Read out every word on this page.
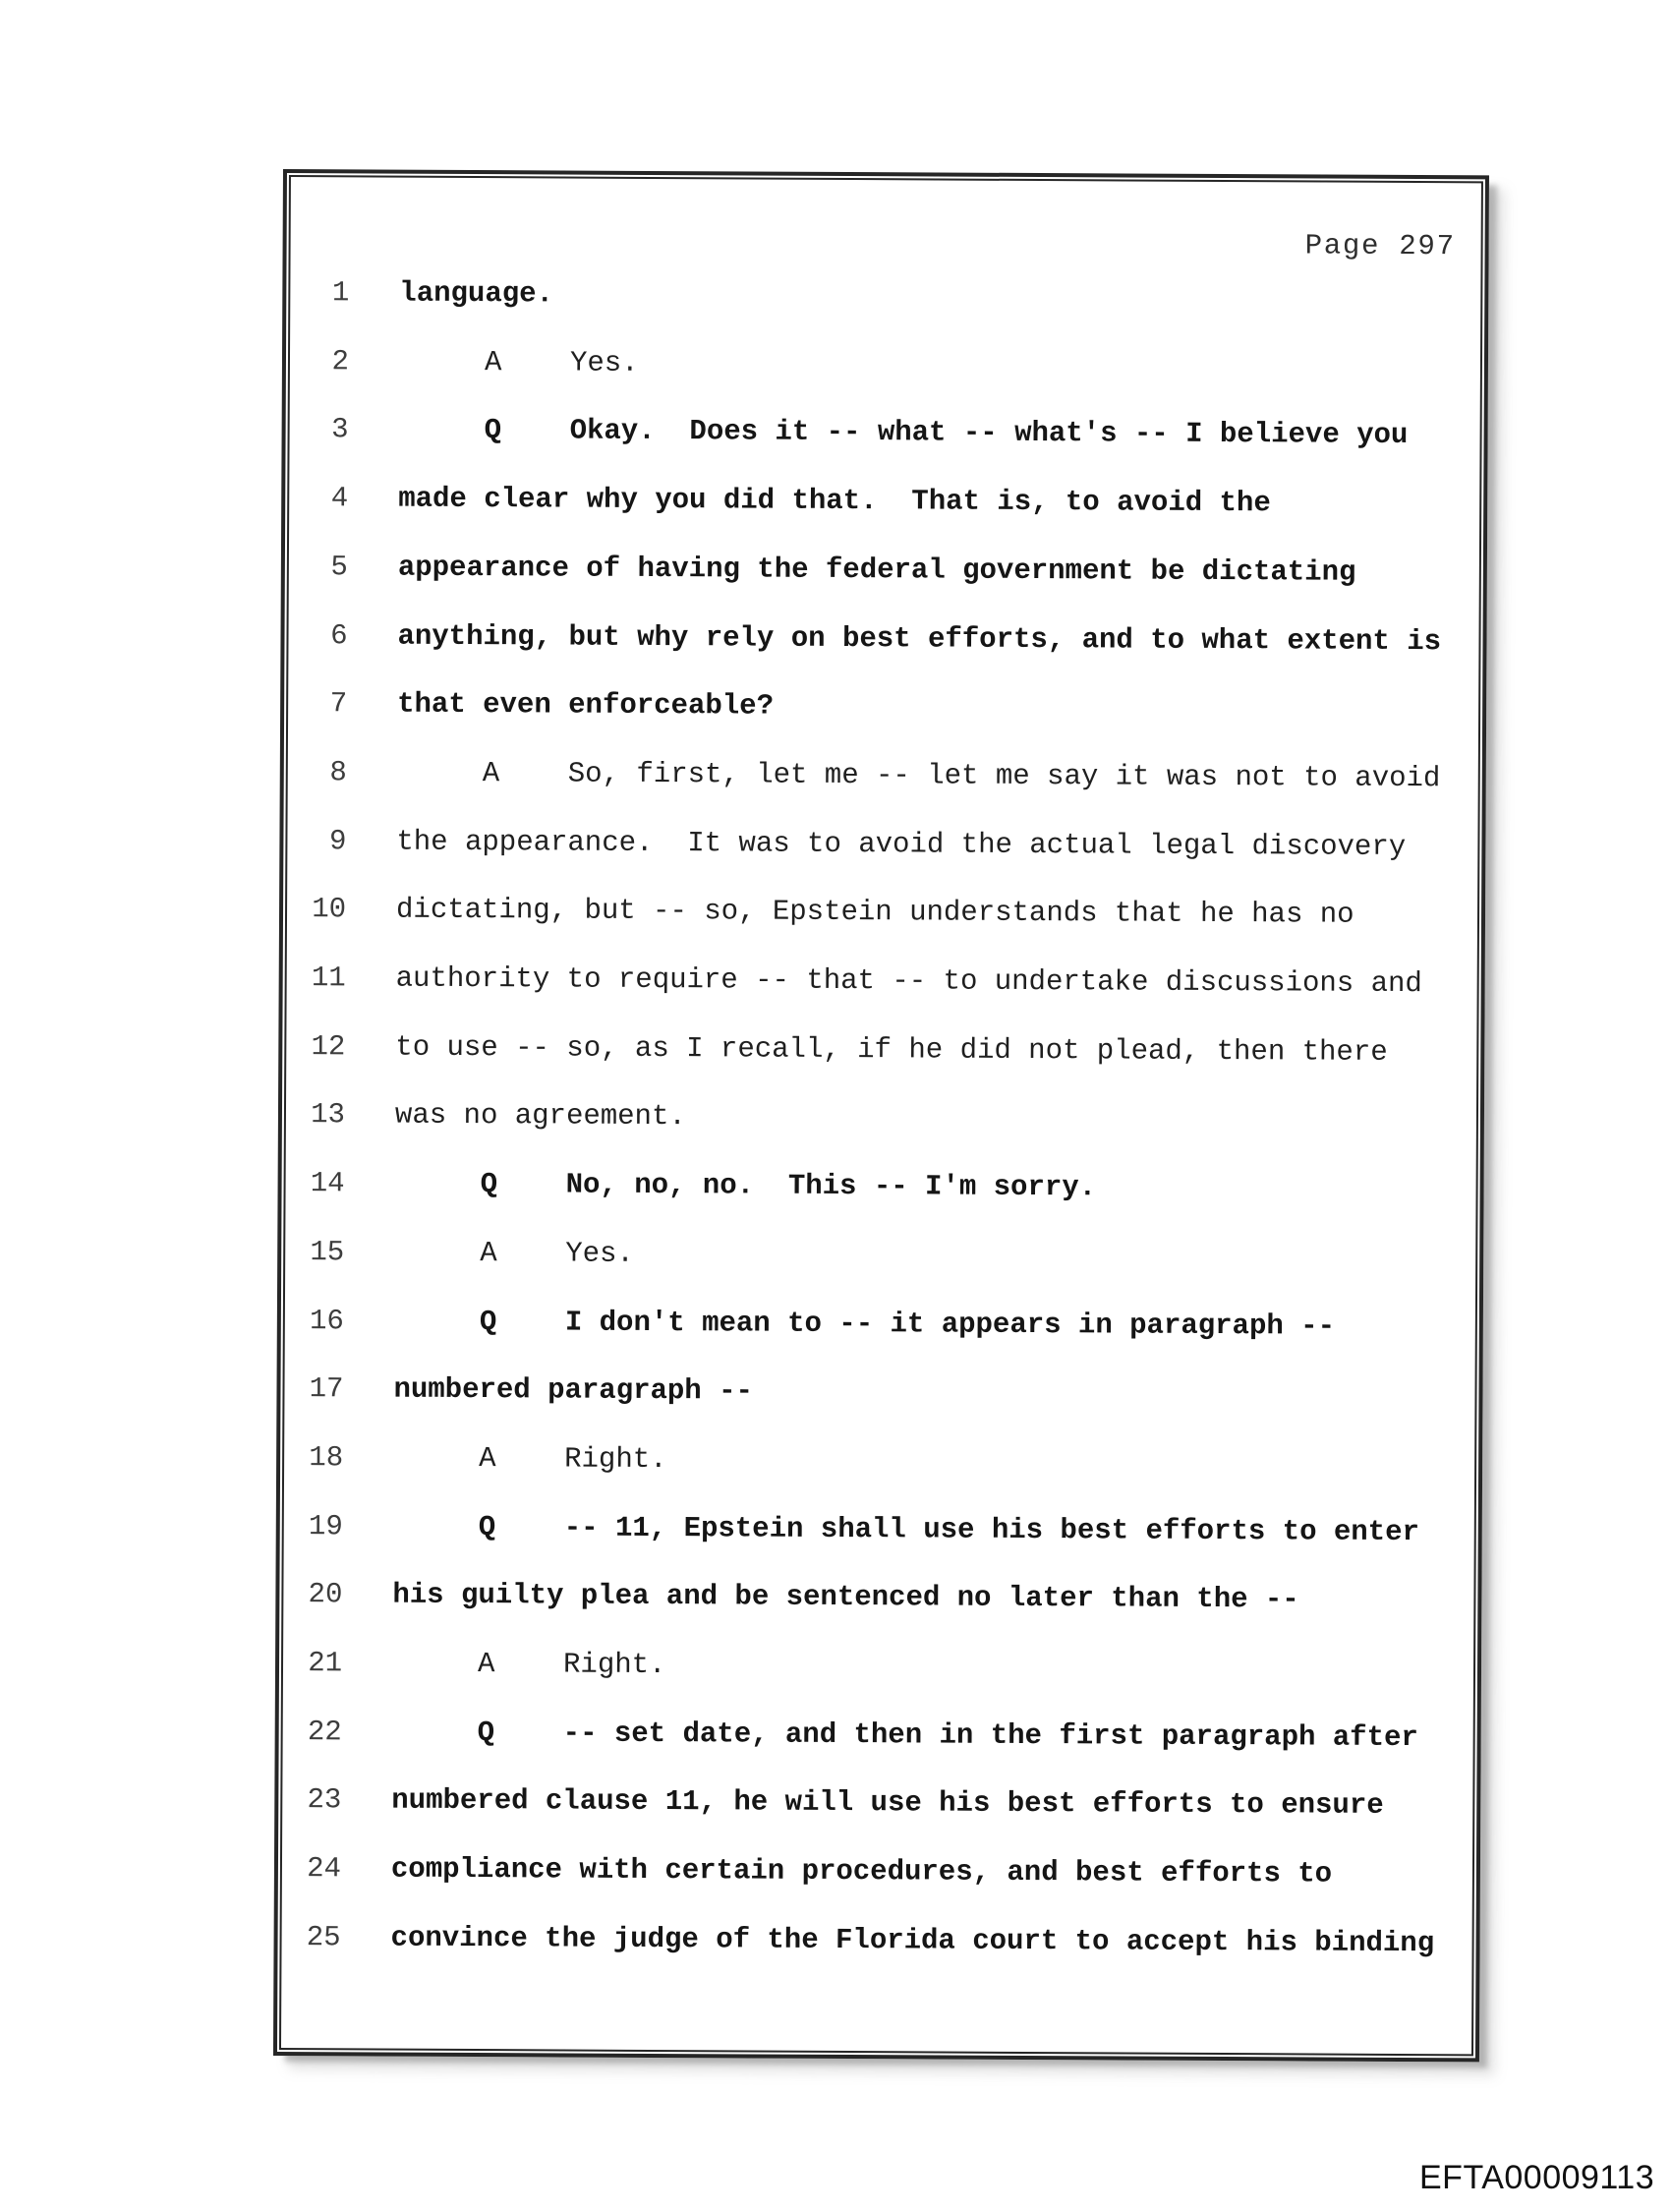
Page 297
1 language.
2 A    Yes.
3 Q    Okay.  Does it -- what -- what's -- I believe you
4 made clear why you did that.  That is, to avoid the
5 appearance of having the federal government be dictating
6 anything, but why rely on best efforts, and to what extent is
7 that even enforceable?
8 A    So, first, let me -- let me say it was not to avoid
9 the appearance.  It was to avoid the actual legal discovery
10 dictating, but -- so, Epstein understands that he has no
11 authority to require -- that -- to undertake discussions and
12 to use -- so, as I recall, if he did not plead, then there
13 was no agreement.
14 Q    No, no, no.  This -- I'm sorry.
15 A    Yes.
16 Q    I don't mean to -- it appears in paragraph --
17 numbered paragraph --
18 A    Right.
19 Q    -- 11, Epstein shall use his best efforts to enter
20 his guilty plea and be sentenced no later than the --
21 A    Right.
22 Q    -- set date, and then in the first paragraph after
23 numbered clause 11, he will use his best efforts to ensure
24 compliance with certain procedures, and best efforts to
25 convince the judge of the Florida court to accept his binding
EFTA00009113
